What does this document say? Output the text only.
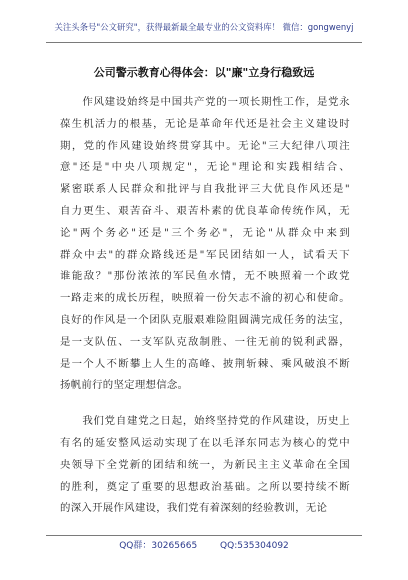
关注头条号"公文研究"，获得最新最全最专业的公文资料库！ 微信：gongwenyj
公司警示教育心得体会：以"廉"立身行稳致远
　　作风建设始终是中国共产党的一项长期性工作，是党永
葆生机活力的根基，无论是革命年代还是社会主义建设时
期，党的作风建设始终贯穿其中。无论"三大纪律八项注
意"还是"中央八项规定"，无论"理论和实践相结合、
紧密联系人民群众和批评与自我批评三大优良作风还是"
自力更生、艰苦奋斗、艰苦朴素的优良革命传统作风，无
论"两个务必"还是"三个务必"，无论"从群众中来到
群众中去"的群众路线还是"军民团结如一人，试看天下
谁能敌？"那份浓浓的军民鱼水情，无不映照着一个政党
一路走来的成长历程，映照着一份矢志不渝的初心和使命。
良好的作风是一个团队克服艰难险阻圆满完成任务的法宝，
是一支队伍、一支军队克敌制胜、一往无前的锐利武器，
是一个人不断攀上人生的高峰、披荆斩棘、乘风破浪不断
扬帆前行的坚定理想信念。
　　我们党自建党之日起，始终坚持党的作风建设，历史上
有名的延安整风运动实现了在以毛泽东同志为核心的党中
央领导下全党新的团结和统一，为新民主主义革命在全国
的胜利，奠定了重要的思想政治基础。之所以要持续不断
的深入开展作风建设，我们党有着深刻的经验教训，无论
QQ群：30265665	QQ:535304092
